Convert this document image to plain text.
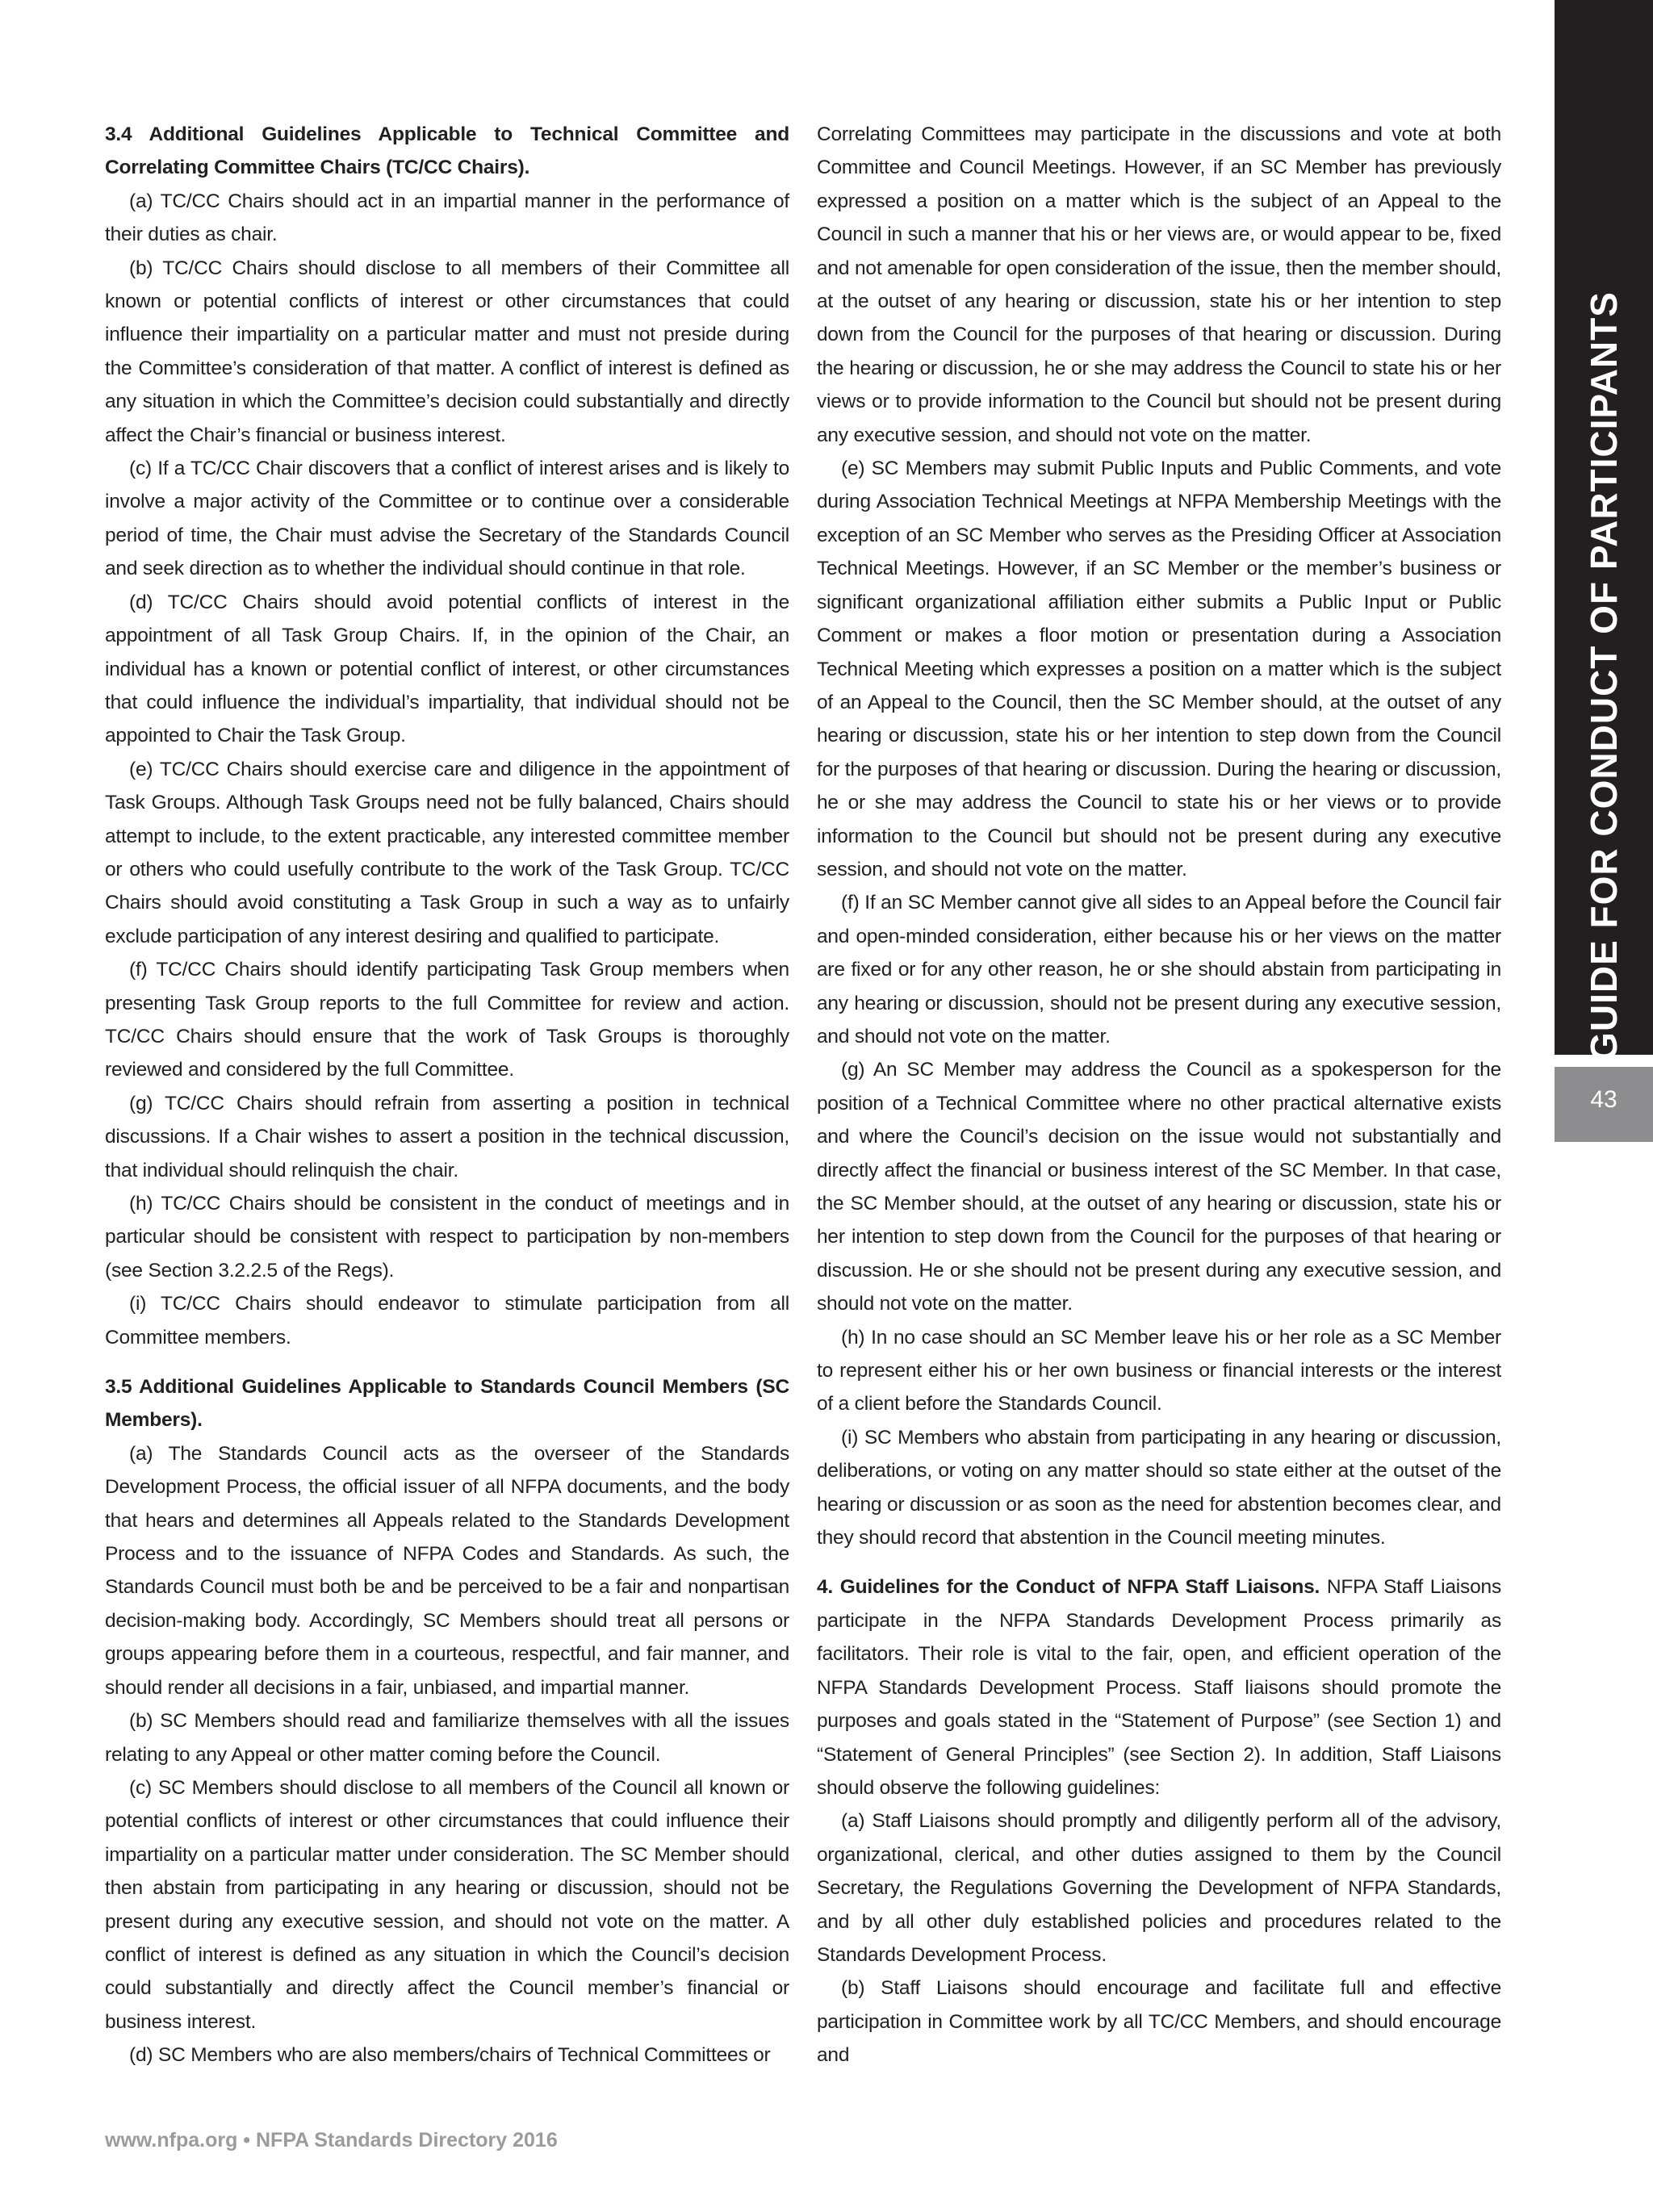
3.4 Additional Guidelines Applicable to Technical Committee and Correlating Committee Chairs (TC/CC Chairs).

(a) TC/CC Chairs should act in an impartial manner in the performance of their duties as chair.

(b) TC/CC Chairs should disclose to all members of their Committee all known or potential conflicts of interest or other circumstances that could influence their impartiality on a particular matter and must not preside during the Committee’s consideration of that matter. A conflict of interest is defined as any situation in which the Committee’s decision could substantially and directly affect the Chair’s financial or business interest.

(c) If a TC/CC Chair discovers that a conflict of interest arises and is likely to involve a major activity of the Committee or to continue over a considerable period of time, the Chair must advise the Secretary of the Standards Council and seek direction as to whether the individual should continue in that role.

(d) TC/CC Chairs should avoid potential conflicts of interest in the appointment of all Task Group Chairs. If, in the opinion of the Chair, an individual has a known or potential conflict of interest, or other circumstances that could influence the individual’s impartiality, that individual should not be appointed to Chair the Task Group.

(e) TC/CC Chairs should exercise care and diligence in the appointment of Task Groups. Although Task Groups need not be fully balanced, Chairs should attempt to include, to the extent practicable, any interested committee member or others who could usefully contribute to the work of the Task Group. TC/CC Chairs should avoid constituting a Task Group in such a way as to unfairly exclude participation of any interest desiring and qualified to participate.

(f) TC/CC Chairs should identify participating Task Group members when presenting Task Group reports to the full Committee for review and action. TC/CC Chairs should ensure that the work of Task Groups is thoroughly reviewed and considered by the full Committee.

(g) TC/CC Chairs should refrain from asserting a position in technical discussions. If a Chair wishes to assert a position in the technical discussion, that individual should relinquish the chair.

(h) TC/CC Chairs should be consistent in the conduct of meetings and in particular should be consistent with respect to participation by non-members (see Section 3.2.2.5 of the Regs).

(i) TC/CC Chairs should endeavor to stimulate participation from all Committee members.

3.5 Additional Guidelines Applicable to Standards Council Members (SC Members).

(a) The Standards Council acts as the overseer of the Standards Development Process, the official issuer of all NFPA documents, and the body that hears and determines all Appeals related to the Standards Development Process and to the issuance of NFPA Codes and Standards. As such, the Standards Council must both be and be perceived to be a fair and nonpartisan decision-making body. Accordingly, SC Members should treat all persons or groups appearing before them in a courteous, respectful, and fair manner, and should render all decisions in a fair, unbiased, and impartial manner.

(b) SC Members should read and familiarize themselves with all the issues relating to any Appeal or other matter coming before the Council.

(c) SC Members should disclose to all members of the Council all known or potential conflicts of interest or other circumstances that could influence their impartiality on a particular matter under consideration. The SC Member should then abstain from participating in any hearing or discussion, should not be present during any executive session, and should not vote on the matter. A conflict of interest is defined as any situation in which the Council’s decision could substantially and directly affect the Council member’s financial or business interest.

(d) SC Members who are also members/chairs of Technical Committees or

Correlating Committees may participate in the discussions and vote at both Committee and Council Meetings. However, if an SC Member has previously expressed a position on a matter which is the subject of an Appeal to the Council in such a manner that his or her views are, or would appear to be, fixed and not amenable for open consideration of the issue, then the member should, at the outset of any hearing or discussion, state his or her intention to step down from the Council for the purposes of that hearing or discussion. During the hearing or discussion, he or she may address the Council to state his or her views or to provide information to the Council but should not be present during any executive session, and should not vote on the matter.

(e) SC Members may submit Public Inputs and Public Comments, and vote during Association Technical Meetings at NFPA Membership Meetings with the exception of an SC Member who serves as the Presiding Officer at Association Technical Meetings. However, if an SC Member or the member’s business or significant organizational affiliation either submits a Public Input or Public Comment or makes a floor motion or presentation during a Association Technical Meeting which expresses a position on a matter which is the subject of an Appeal to the Council, then the SC Member should, at the outset of any hearing or discussion, state his or her intention to step down from the Council for the purposes of that hearing or discussion. During the hearing or discussion, he or she may address the Council to state his or her views or to provide information to the Council but should not be present during any executive session, and should not vote on the matter.

(f) If an SC Member cannot give all sides to an Appeal before the Council fair and open-minded consideration, either because his or her views on the matter are fixed or for any other reason, he or she should abstain from participating in any hearing or discussion, should not be present during any executive session, and should not vote on the matter.

(g) An SC Member may address the Council as a spokesperson for the position of a Technical Committee where no other practical alternative exists and where the Council’s decision on the issue would not substantially and directly affect the financial or business interest of the SC Member. In that case, the SC Member should, at the outset of any hearing or discussion, state his or her intention to step down from the Council for the purposes of that hearing or discussion. He or she should not be present during any executive session, and should not vote on the matter.

(h) In no case should an SC Member leave his or her role as a SC Member to represent either his or her own business or financial interests or the interest of a client before the Standards Council.

(i) SC Members who abstain from participating in any hearing or discussion, deliberations, or voting on any matter should so state either at the outset of the hearing or discussion or as soon as the need for abstention becomes clear, and they should record that abstention in the Council meeting minutes.

4. Guidelines for the Conduct of NFPA Staff Liaisons. NFPA Staff Liaisons participate in the NFPA Standards Development Process primarily as facilitators. Their role is vital to the fair, open, and efficient operation of the NFPA Standards Development Process. Staff liaisons should promote the purposes and goals stated in the “Statement of Purpose” (see Section 1) and “Statement of General Principles” (see Section 2). In addition, Staff Liaisons should observe the following guidelines:

(a) Staff Liaisons should promptly and diligently perform all of the advisory, organizational, clerical, and other duties assigned to them by the Council Secretary, the Regulations Governing the Development of NFPA Standards, and by all other duly established policies and procedures related to the Standards Development Process.

(b) Staff Liaisons should encourage and facilitate full and effective participation in Committee work by all TC/CC Members, and should encourage and

GUIDE FOR CONDUCT OF PARTICIPANTS
43
www.nfpa.org • NFPA Standards Directory 2016
